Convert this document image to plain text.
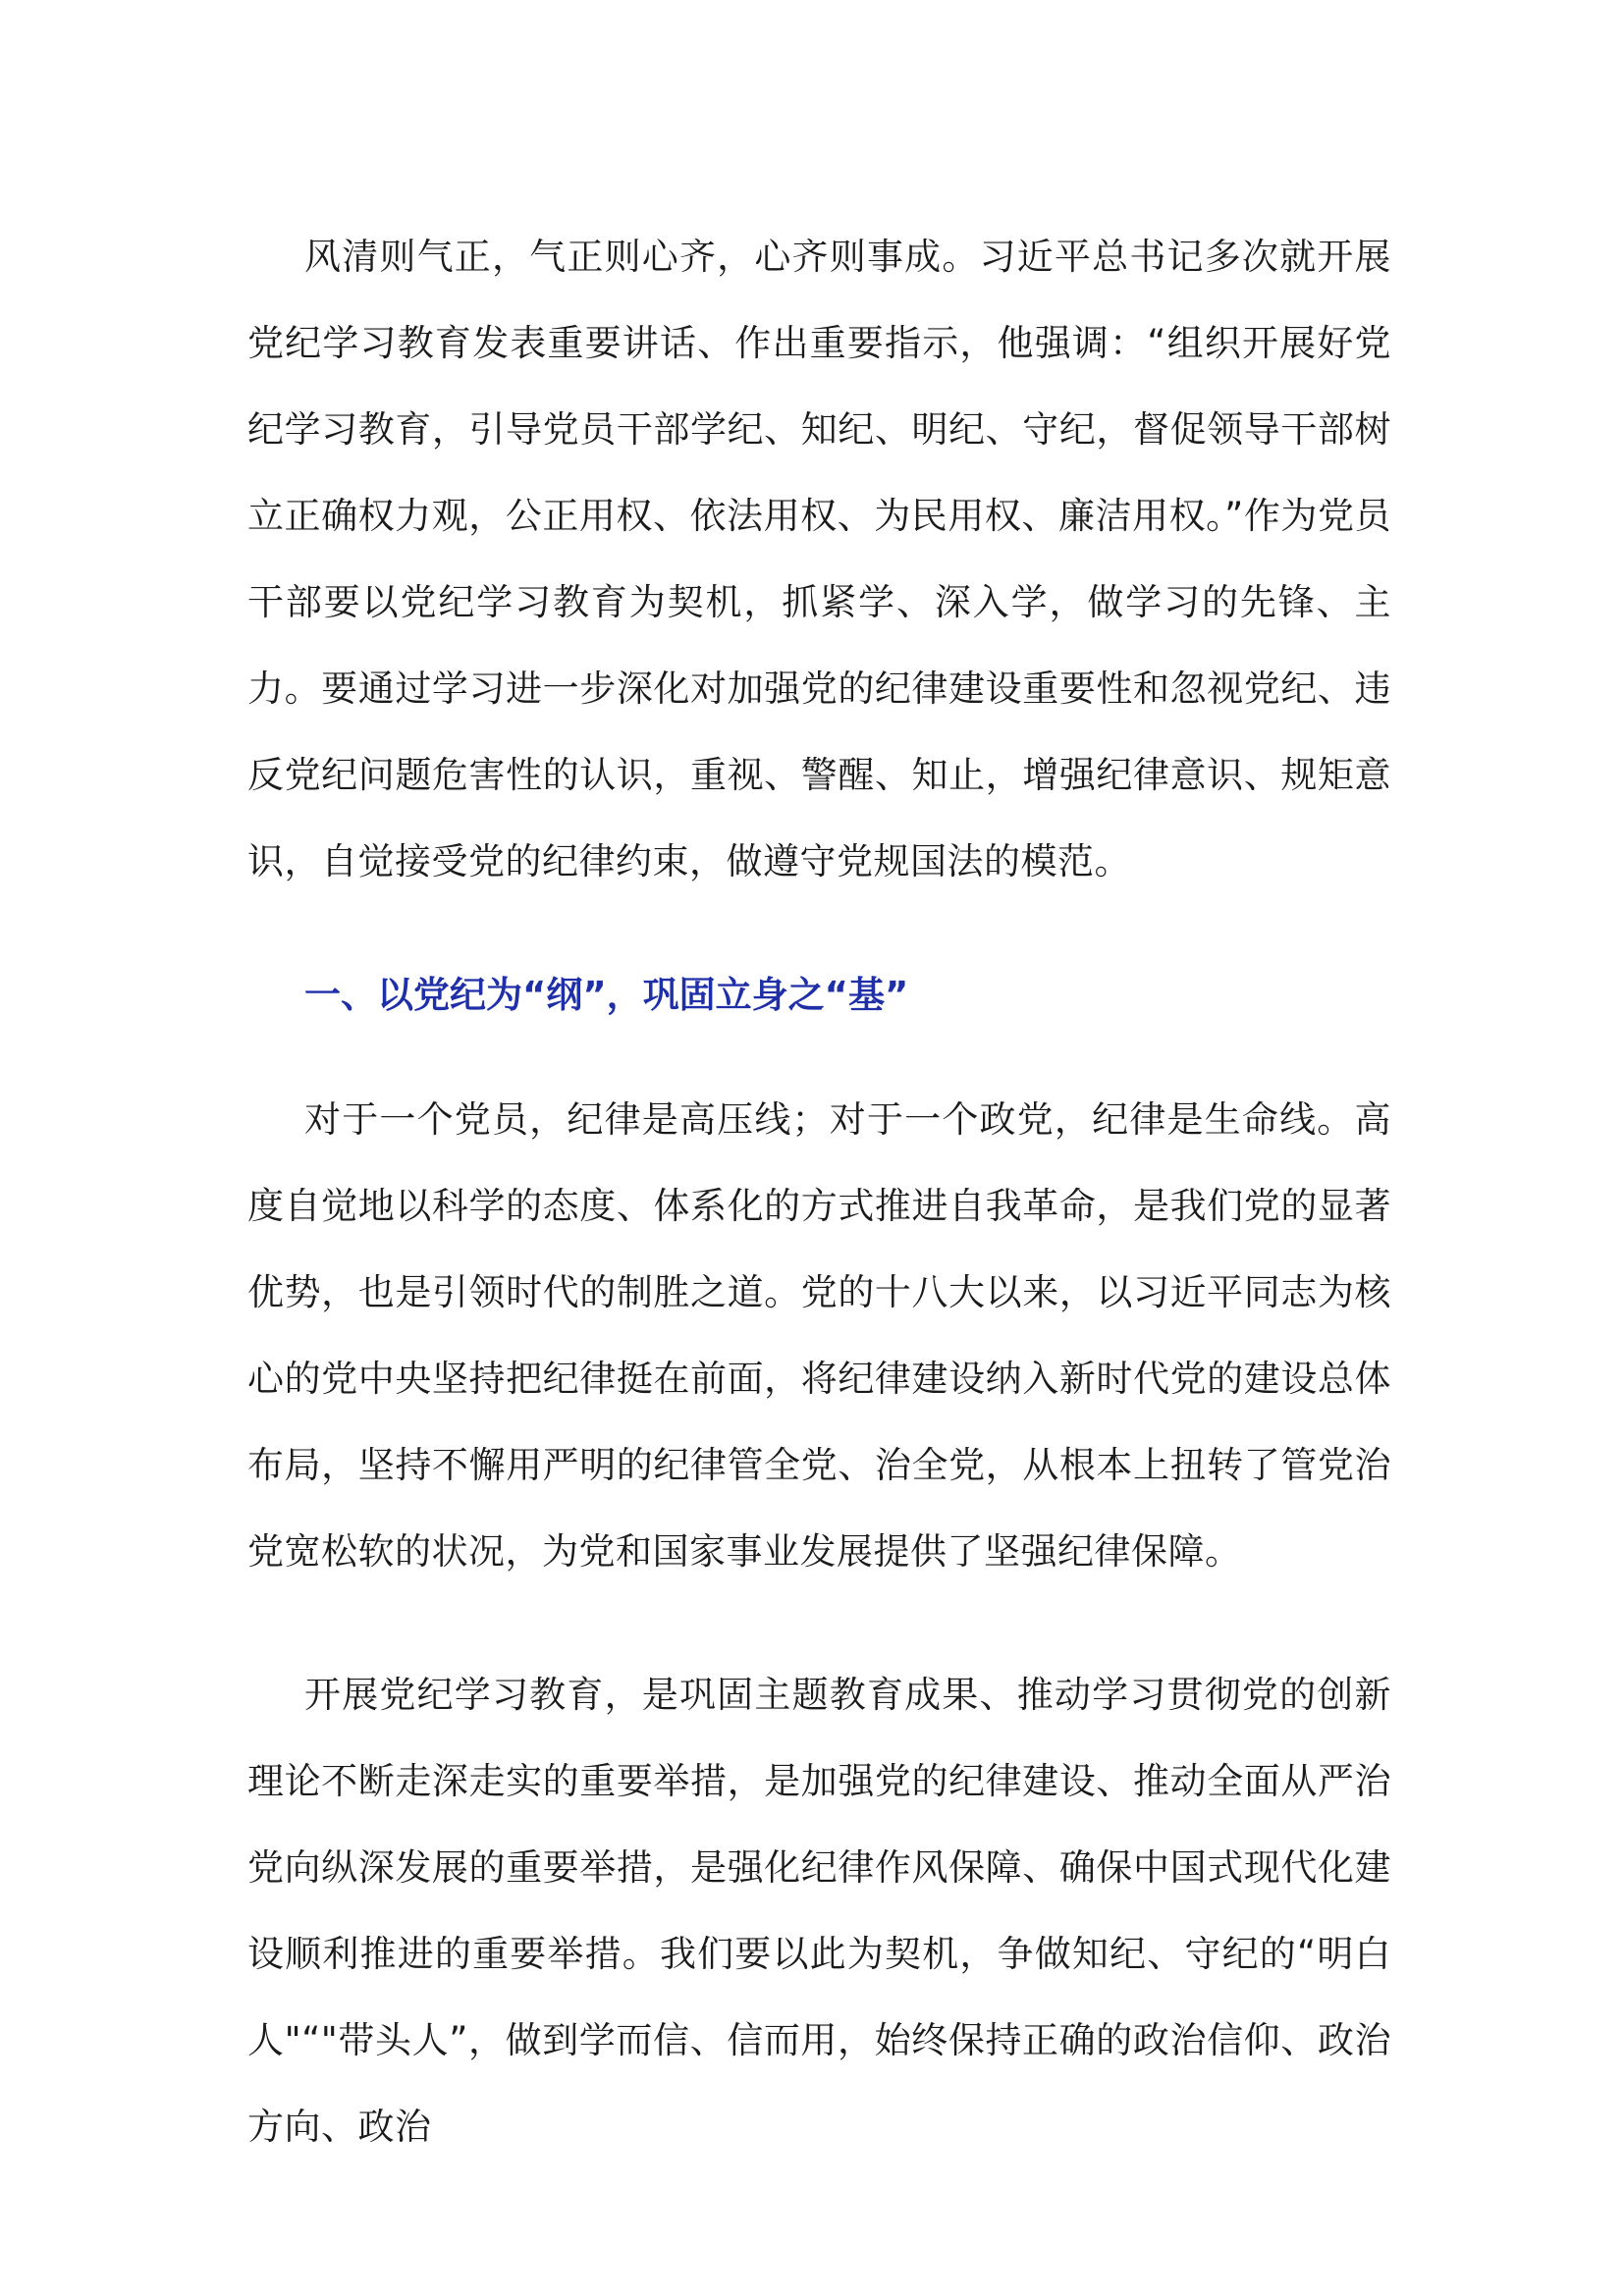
风清则气正，气正则心齐，心齐则事成。习近平总书记多次就开展党纪学习教育发表重要讲话、作出重要指示，他强调：“组织开展好党纪学习教育，引导党员干部学纪、知纪、明纪、守纪，督促领导干部树立正确权力观，公正用权、依法用权、为民用权、廉洁用权。”作为党员干部要以党纪学习教育为契机，抓紧学、深入学，做学习的先锋、主力。要通过学习进一步深化对加强党的纪律建设重要性和忽视党纪、违反党纪问题危害性的认识，重视、警醒、知止，增强纪律意识、规矩意识，自觉接受党的纪律约束，做遵守党规国法的模范。

一、以党纪为“纲”，巩固立身之“基”

对于一个党员，纪律是高压线；对于一个政党，纪律是生命线。高度自觉地以科学的态度、体系化的方式推进自我革命，是我们党的显著优势，也是引领时代的制胜之道。党的十八大以来，以习近平同志为核心的党中央坚持把纪律挺在前面，将纪律建设纳入新时代党的建设总体布局，坚持不懈用严明的纪律管全党、治全党，从根本上扭转了管党治党宽松软的状况，为党和国家事业发展提供了坚强纪律保障。

开展党纪学习教育，是巩固主题教育成果、推动学习贯彻党的创新理论不断走深走实的重要举措，是加强党的纪律建设、推动全面从严治党向纵深发展的重要举措，是强化纪律作风保障、确保中国式现代化建设顺利推进的重要举措。我们要以此为契机，争做知纪、守纪的“明白人"“"带头人”，做到学而信、信而用，始终保持正确的政治信仰、政治方向、政治
